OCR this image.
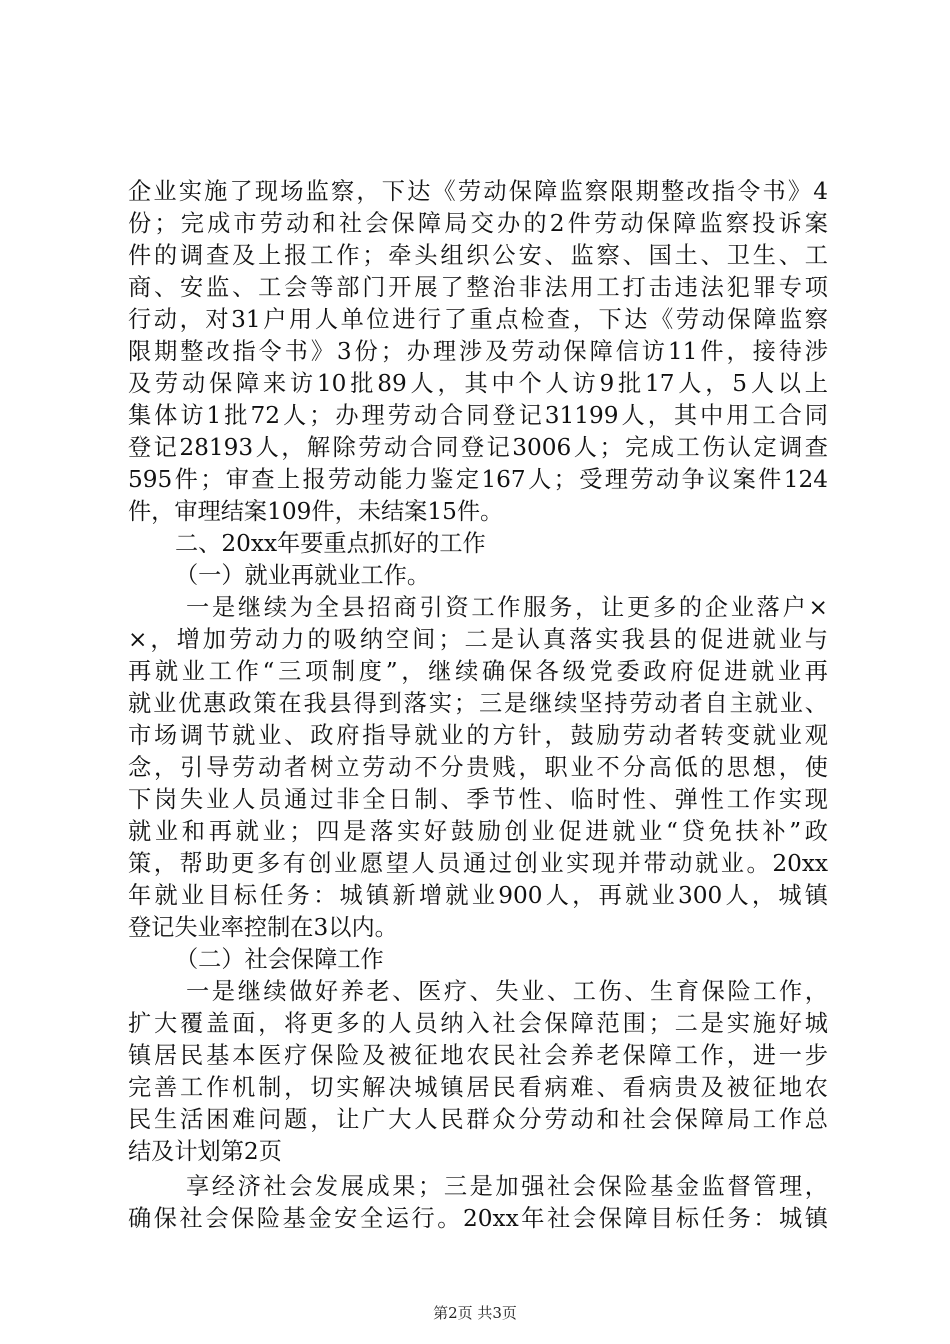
企业实施了现场监察，下达《劳动保障监察限期整改指令书》4
份；完成市劳动和社会保障局交办的2件劳动保障监察投诉案
件的调查及上报工作；牵头组织公安、监察、国土、卫生、工
商、安监、工会等部门开展了整治非法用工打击违法犯罪专项
行动，对31户用人单位进行了重点检查，下达《劳动保障监察
限期整改指令书》3份；办理涉及劳动保障信访11件，接待涉
及劳动保障来访10批89人，其中个人访9批17人，5人以上
集体访1批72人；办理劳动合同登记31199人，其中用工合同
登记28193人，解除劳动合同登记3006人；完成工伤认定调查
595件；审查上报劳动能力鉴定167人；受理劳动争议案件124
件，审理结案109件，未结案15件。
二、20xx年要重点抓好的工作
（一）就业再就业工作。
一是继续为全县招商引资工作服务，让更多的企业落户×
×，增加劳动力的吸纳空间；二是认真落实我县的促进就业与
再就业工作“三项制度”，继续确保各级党委政府促进就业再
就业优惠政策在我县得到落实；三是继续坚持劳动者自主就业、
市场调节就业、政府指导就业的方针，鼓励劳动者转变就业观
念，引导劳动者树立劳动不分贵贱，职业不分高低的思想，使
下岗失业人员通过非全日制、季节性、临时性、弹性工作实现
就业和再就业；四是落实好鼓励创业促进就业“贷免扶补”政
策，帮助更多有创业愿望人员通过创业实现并带动就业。20xx
年就业目标任务：城镇新增就业900人，再就业300人，城镇
登记失业率控制在3以内。
（二）社会保障工作
一是继续做好养老、医疗、失业、工伤、生育保险工作，
扩大覆盖面，将更多的人员纳入社会保障范围；二是实施好城
镇居民基本医疗保险及被征地农民社会养老保障工作，进一步
完善工作机制，切实解决城镇居民看病难、看病贵及被征地农
民生活困难问题，让广大人民群众分劳动和社会保障局工作总
结及计划第2页
享经济社会发展成果；三是加强社会保险基金监督管理，
确保社会保险基金安全运行。20xx年社会保障目标任务：城镇
第2页 共3页
